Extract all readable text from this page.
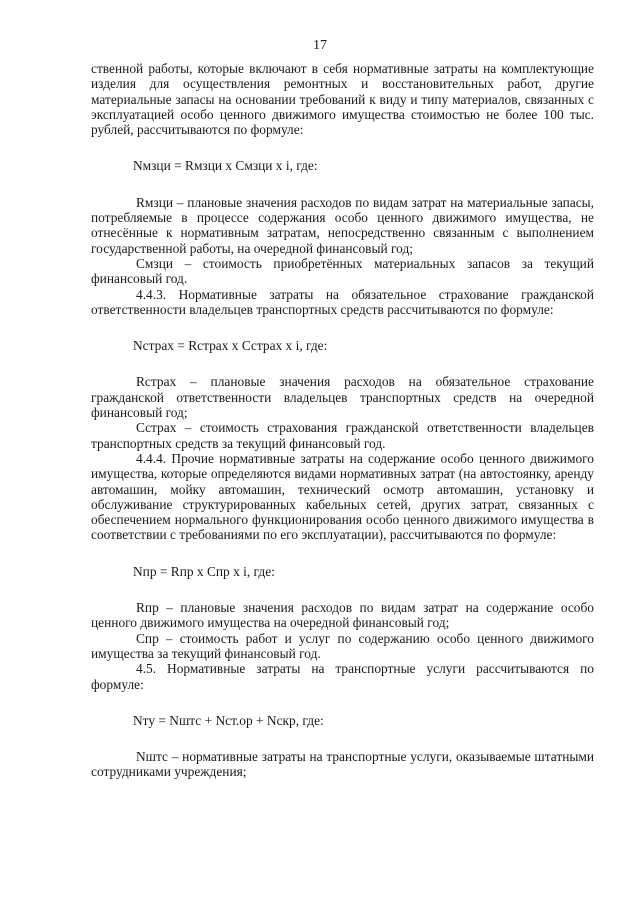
17

ственной работы, которые включают в себя нормативные затраты на комплектующие изделия для осуществления ремонтных и восстановительных работ, другие материальные запасы на основании требований к виду и типу материалов, связанных с эксплуатацией особо ценного движимого имущества стоимостью не более 100 тыс. рублей, рассчитываются по формуле:

Nмзци = Rмзци х Смзци х i, где:

Rмзци – плановые значения расходов по видам затрат на материальные запасы, потребляемые в процессе содержания особо ценного движимого имущества, не отнесённые к нормативным затратам, непосредственно связанным с выполнением государственной работы, на очередной финансовый год;

Смзци – стоимость приобретённых материальных запасов за текущий финансовый год.

4.4.3. Нормативные затраты на обязательное страхование гражданской ответственности владельцев транспортных средств рассчитываются по формуле:

Nстрах = Rстрах х Сстрах х i, где:

Rстрах – плановые значения расходов на обязательное страхование гражданской ответственности владельцев транспортных средств на очередной финансовый год;

Сстрах – стоимость страхования гражданской ответственности владельцев транспортных средств за текущий финансовый год.

4.4.4. Прочие нормативные затраты на содержание особо ценного движимого имущества, которые определяются видами нормативных затрат (на автостоянку, аренду автомашин, мойку автомашин, технический осмотр автомашин, установку и обслуживание структурированных кабельных сетей, других затрат, связанных с обеспечением нормального функционирования особо ценного движимого имущества в соответствии с требованиями по его эксплуатации), рассчитываются по формуле:

Nпр = Rпр х Спр х i, где:

Rпр – плановые значения расходов по видам затрат на содержание особо ценного движимого имущества на очередной финансовый год;

Спр – стоимость работ и услуг по содержанию особо ценного движимого имущества за текущий финансовый год.

4.5. Нормативные затраты на транспортные услуги рассчитываются по формуле:

Nту = Nштс + Nст.ор + Nскр, где:

Nштс – нормативные затраты на транспортные услуги, оказываемые штатными сотрудниками учреждения;
